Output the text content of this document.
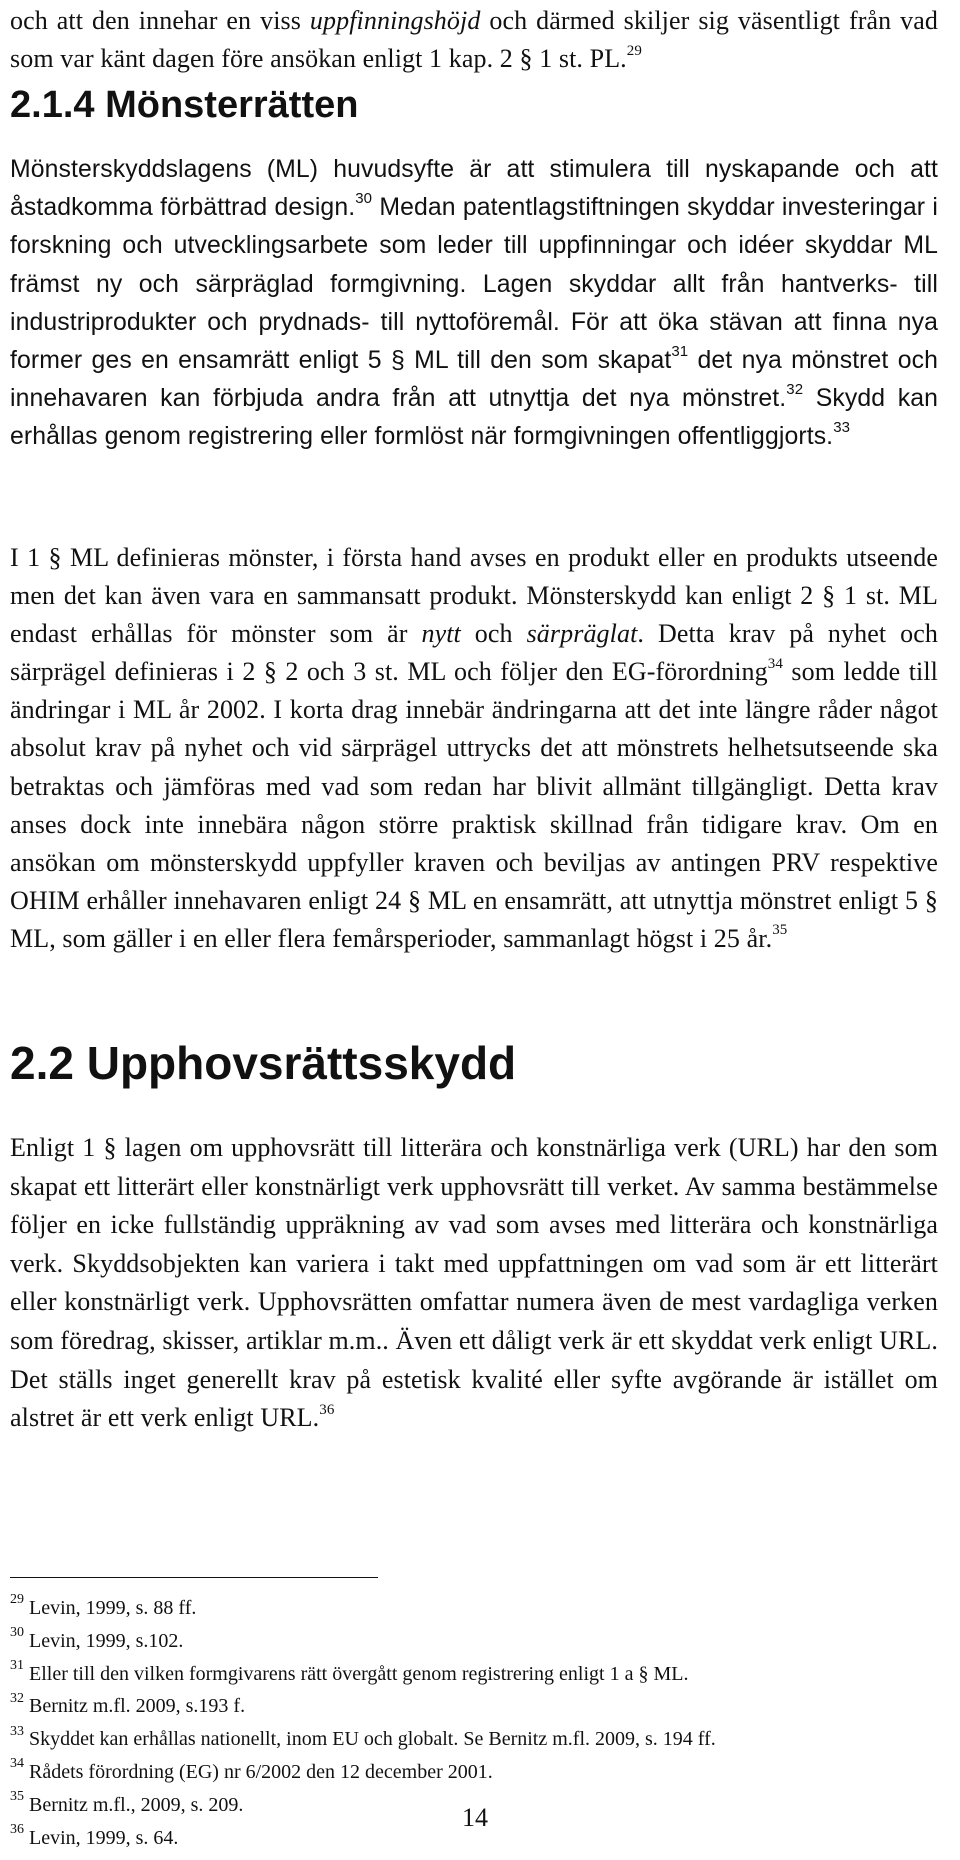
och att den innehar en viss uppfinningshöjd och därmed skiljer sig väsentligt från vad som var känt dagen före ansökan enligt 1 kap. 2 § 1 st. PL.$^{29}$

2.1.4 Mönsterrätten

Mönsterskyddslagens (ML) huvudsyfte är att stimulera till nyskapande och att åstadkomma förbättrad design.$^{30}$ Medan patentlagstiftningen skyddar investeringar i forskning och utvecklingsarbete som leder till uppfinningar och idéer skyddar ML främst ny och särpräglad formgivning. Lagen skyddar allt från hantverks- till industriprodukter och prydnads- till nyttoföremål. För att öka stävan att finna nya former ges en ensamrätt enligt 5 § ML till den som skapat$^{31}$ det nya mönstret och innehavaren kan förbjuda andra från att utnyttja det nya mönstret.$^{32}$ Skydd kan erhållas genom registrering eller formlöst när formgivningen offentliggjorts.$^{33}$

I 1 § ML definieras mönster, i första hand avses en produkt eller en produkts utseende men det kan även vara en sammansatt produkt. Mönsterskydd kan enligt 2 § 1 st. ML endast erhållas för mönster som är nytt och särpräglat. Detta krav på nyhet och särprägel definieras i 2 § 2 och 3 st. ML och följer den EG-förordning$^{34}$ som ledde till ändringar i ML år 2002. I korta drag innebär ändringarna att det inte längre råder något absolut krav på nyhet och vid särprägel uttrycks det att mönstrets helhetsutseende ska betraktas och jämföras med vad som redan har blivit allmänt tillgängligt. Detta krav anses dock inte innebära någon större praktisk skillnad från tidigare krav. Om en ansökan om mönsterskydd uppfyller kraven och beviljas av antingen PRV respektive OHIM erhåller innehavaren enligt 24 § ML en ensamrätt, att utnyttja mönstret enligt 5 § ML, som gäller i en eller flera femårsperioder, sammanlagt högst i 25 år.$^{35}$

2.2 Upphovsrättsskydd

Enligt 1 § lagen om upphovsrätt till litterära och konstnärliga verk (URL) har den som skapat ett litterärt eller konstnärligt verk upphovsrätt till verket. Av samma bestämmelse följer en icke fullständig uppräkning av vad som avses med litterära och konstnärliga verk. Skyddsobjekten kan variera i takt med uppfattningen om vad som är ett litterärt eller konstnärligt verk. Upphovsrätten omfattar numera även de mest vardagliga verken som föredrag, skisser, artiklar m.m.. Även ett dåligt verk är ett skyddat verk enligt URL. Det ställs inget generellt krav på estetisk kvalité eller syfte avgörande är istället om alstret är ett verk enligt URL.$^{36}$

$^{29}$ Levin, 1999, s. 88 ff.
$^{30}$ Levin, 1999, s.102.
$^{31}$ Eller till den vilken formgivarens rätt övergått genom registrering enligt 1 a § ML.
$^{32}$ Bernitz m.fl. 2009, s.193 f.
$^{33}$ Skyddet kan erhållas nationellt, inom EU och globalt. Se Bernitz m.fl. 2009, s. 194 ff.
$^{34}$ Rådets förordning (EG) nr 6/2002 den 12 december 2001.
$^{35}$ Bernitz m.fl., 2009, s. 209.
$^{36}$ Levin, 1999, s. 64.
14
